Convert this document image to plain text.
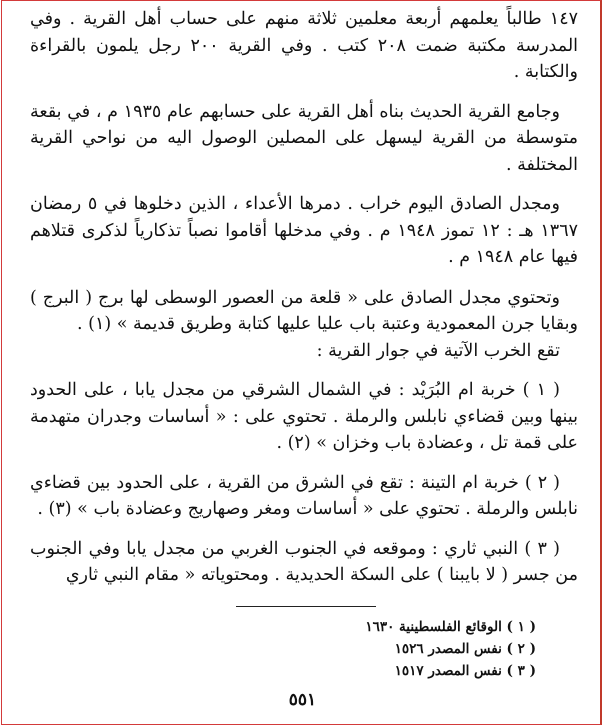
١٤٧ طالباً يعلمهم أربعة معلمين ثلاثة منهم على حساب أهل القرية . وفي المدرسة مكتبة ضمت ٢٠٨ كتب . وفي القرية ٢٠٠ رجل يلمون بالقراءة والكتابة .

وجامع القرية الحديث بناه أهل القرية على حسابهم عام ١٩٣٥ م ، في بقعة متوسطة من القرية ليسهل على المصلين الوصول اليه من نواحي القرية المختلفة .

ومجدل الصادق اليوم خراب . دمرها الأعداء ، الذين دخلوها في ٥ رمضان ١٣٦٧ هـ : ١٢ تموز ١٩٤٨ م . وفي مدخلها أقاموا نصباً تذكارياً لذكرى قتلاهم فيها عام ١٩٤٨ م .

وتحتوي مجدل الصادق على « قلعة من العصور الوسطى لها برج ( البرج ) وبقايا جرن المعمودية وعتبة باب عليا عليها كتابة وطريق قديمة » (١) .

تقع الخرب الآتية في جوار القرية :

( ١ ) خربة ام البُرَيْد : في الشمال الشرقي من مجدل يابا ، على الحدود بينها وبين قضاءي نابلس والرملة . تحتوي على : « أساسات وجدران متهدمة على قمة تل ، وعضادة باب وخزان » (٢) .

( ٢ ) خربة ام التينة : تقع في الشرق من القرية ، على الحدود بين قضاءي نابلس والرملة . تحتوي على « أساسات ومغر وصهاريج وعضادة باب » (٣) .

( ٣ ) النبي ثاري : وموقعه في الجنوب الغربي من مجدل يابا وفي الجنوب من جسر ( لا بايبنا ) على السكة الحديدية . ومحتوياته « مقام النبي ثاري

( ١ ) الوقائع الفلسطينية ١٦٣٠
( ٢ ) نفس المصدر ١٥٢٦
( ٣ ) نفس المصدر ١٥١٧
٥٥١
